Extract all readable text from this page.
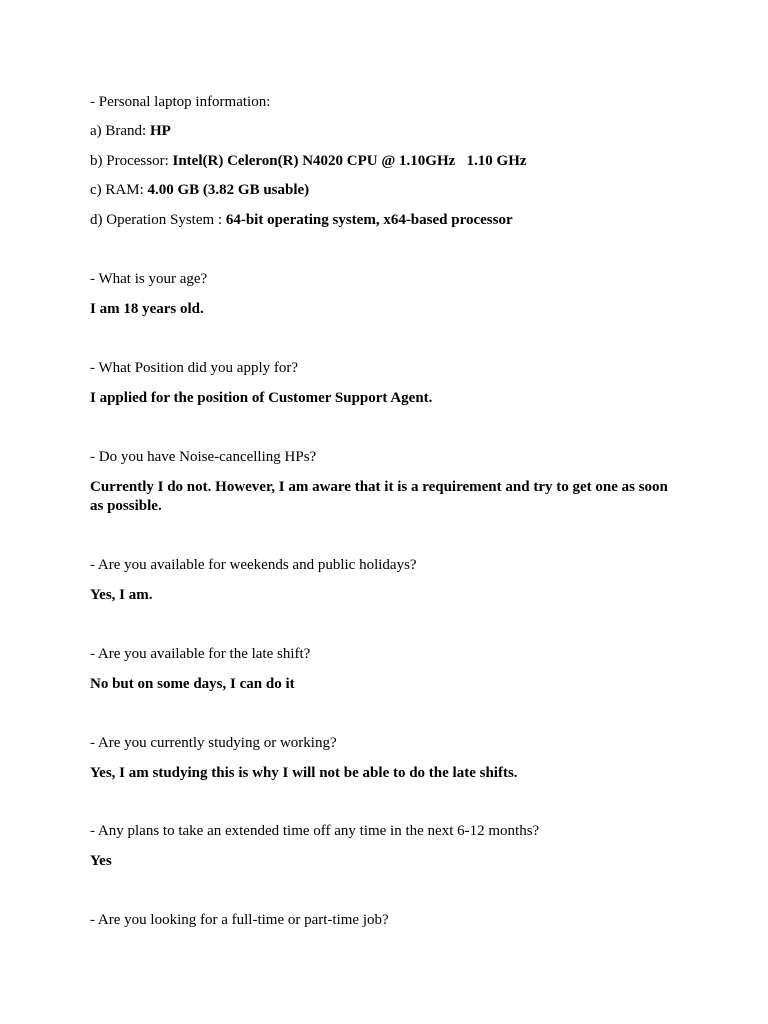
- Personal laptop information:
a) Brand: HP
b) Processor: Intel(R) Celeron(R) N4020 CPU @ 1.10GHz   1.10 GHz
c) RAM: 4.00 GB (3.82 GB usable)
d) Operation System : 64-bit operating system, x64-based processor
- What is your age?
I am 18 years old.
- What Position did you apply for?
I applied for the position of Customer Support Agent.
- Do you have Noise-cancelling HPs?
Currently I do not. However, I am aware that it is a requirement and try to get one as soon as possible.
- Are you available for weekends and public holidays?
Yes, I am.
- Are you available for the late shift?
No but on some days, I can do it
- Are you currently studying or working?
Yes, I am studying this is why I will not be able to do the late shifts.
- Any plans to take an extended time off any time in the next 6-12 months?
Yes
- Are you looking for a full-time or part-time job?
